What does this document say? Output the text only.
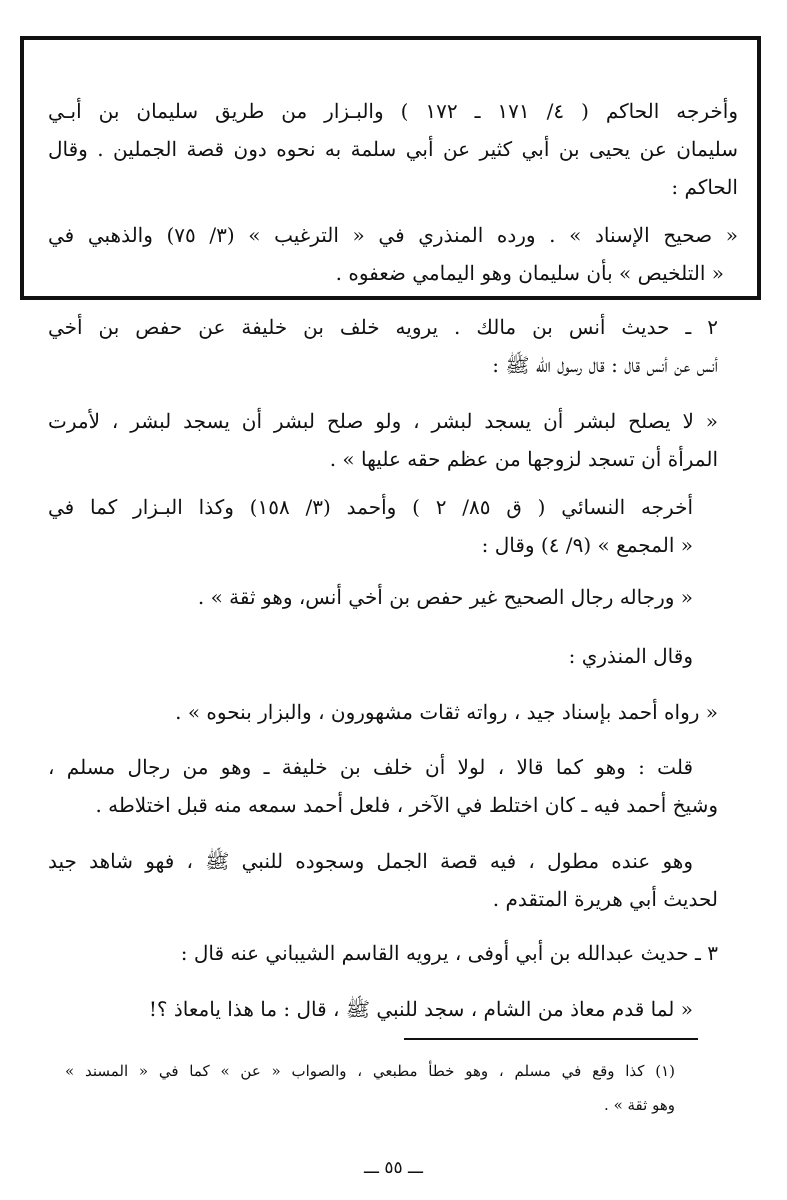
وأخرجه الحاكم ( ٤/ ١٧١ ـ ١٧٢ ) والبـزار من طريق سليمان بن أبـي
سليمان عن يحيى بن أبي كثير عن أبي سلمة به نحوه دون قصة الجملين . وقال
الحاكم :
« صحيح الإسناد » . ورده المنذري في « الترغيب » (٣/ ٧٥) والذهبي في
« التلخيص » بأن سليمان وهو اليمامي ضعفوه .
٢ ـ حديث أنس بن مالك . يرويه خلف بن خليفة عن حفص بن أخي
أنس عن أنس قال : قال رسول الله ﷺ :
« لا يصلح لبشر أن يسجد لبشر ، ولو صلح لبشر أن يسجد لبشر ، لأمرت
المرأة أن تسجد لزوجها من عظم حقه عليها » .
أخرجه النسائي ( ق ٨٥/ ٢ ) وأحمد (٣/ ١٥٨) وكذا البـزار كما في
« المجمع » (٩/ ٤) وقال :
« ورجاله رجال الصحيح غير حفص بن أخي أنس، وهو ثقة » .
وقال المنذري :
« رواه أحمد بإسناد جيد ، رواته ثقات مشهورون ، والبزار بنحوه » .
قلت : وهو كما قالا ، لولا أن خلف بن خليفة ـ وهو من رجال مسلم ،
وشيخ أحمد فيه ـ كان اختلط في الآخر ، فلعل أحمد سمعه منه قبل اختلاطه .
وهو عنده مطول ، فيه قصة الجمل وسجوده للنبي ﷺ ، فهو شاهد جيد
لحديث أبي هريرة المتقدم .
٣ ـ حديث عبدالله بن أبي أوفى ، يرويه القاسم الشيباني عنه قال :
« لما قدم معاذ من الشام ، سجد للنبي ﷺ ، قال : ما هذا يامعاذ ؟!
(١) كذا وقع في مسلم ، وهو خطأ مطبعي ، والصواب « عن » كما في « المسند »
وهو ثقة » .
ـــ ٥٥ ـــ
